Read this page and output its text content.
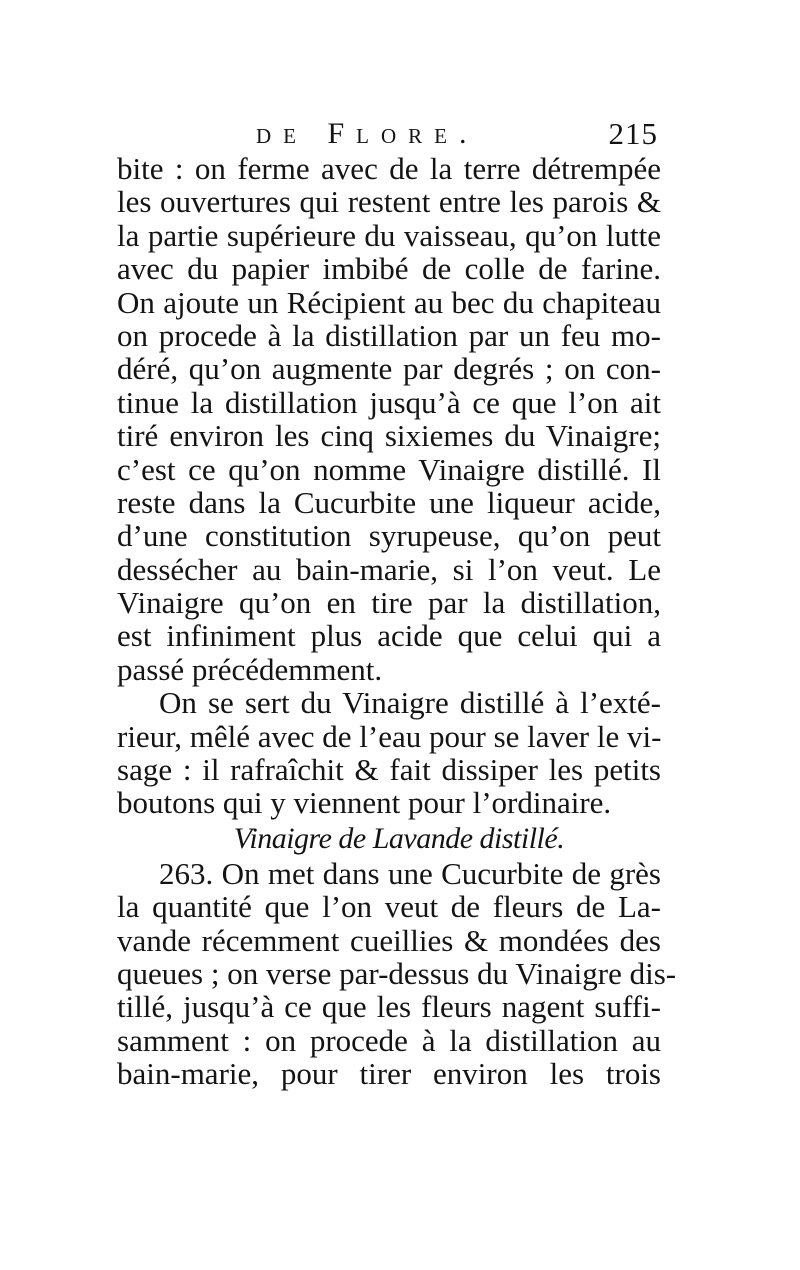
de Flore.	215
bite : on ferme avec de la terre détrempée
les ouvertures qui restent entre les parois &
la partie supérieure du vaisseau, qu’on lutte
avec du papier imbibé de colle de farine.
On ajoute un Récipient au bec du chapiteau
on procede à la distillation par un feu mo-
déré, qu’on augmente par degrés ; on con-
tinue la distillation jusqu’à ce que l’on ait
tiré environ les cinq sixiemes du Vinaigre;
c’est ce qu’on nomme Vinaigre distillé. Il
reste dans la Cucurbite une liqueur acide,
d’une constitution syrupeuse, qu’on peut
dessécher au bain-marie, si l’on veut. Le
Vinaigre qu’on en tire par la distillation,
est infiniment plus acide que celui qui a
passé précédemment.
On se sert du Vinaigre distillé à l’exté-
rieur, mêlé avec de l’eau pour se laver le vi-
sage : il rafraîchit & fait dissiper les petits
boutons qui y viennent pour l’ordinaire.
Vinaigre de Lavande distillé.
263. On met dans une Cucurbite de grès
la quantité que l’on veut de fleurs de La-
vande récemment cueillies & mondées des
queues ; on verse par-dessus du Vinaigre dis-
tillé, jusqu’à ce que les fleurs nagent suffi-
samment : on procede à la distillation au
bain-marie, pour tirer environ les trois
